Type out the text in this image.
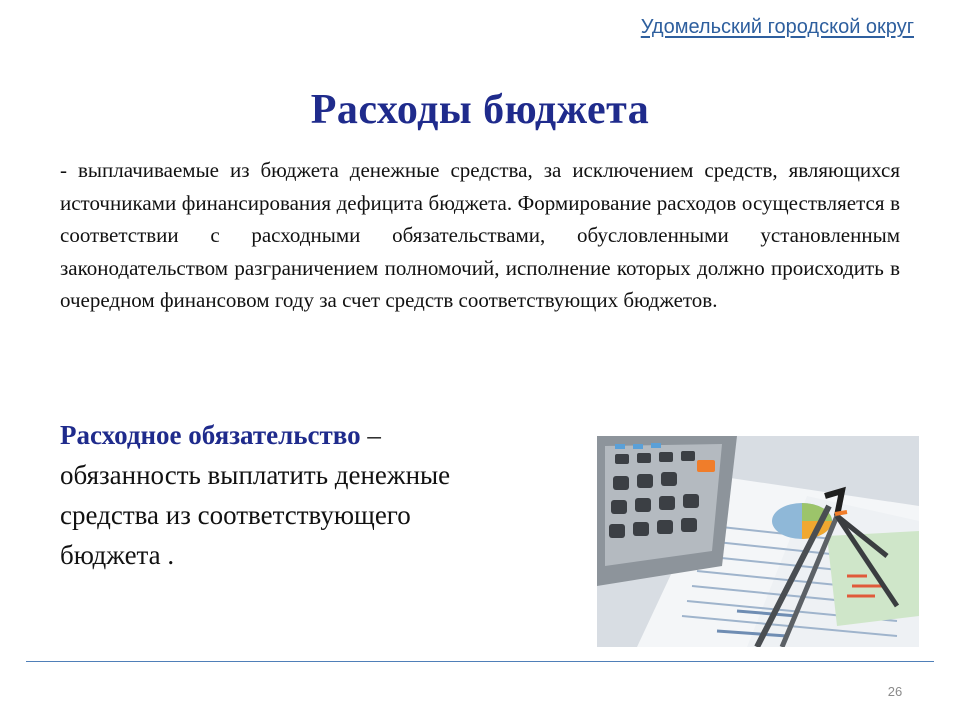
Удомельский городской округ
Расходы бюджета

- выплачиваемые из бюджета денежные средства, за исключением средств, являющихся источниками финансирования дефицита бюджета. Формирование расходов осуществляется в соответствии с расходными обязательствами, обусловленными установленным законодательством разграничением полномочий, исполнение которых должно происходить в очередном финансовом году за счет средств соответствующих бюджетов.

Расходное обязательство – обязанность выплатить денежные средства из соответствующего бюджета .
26
